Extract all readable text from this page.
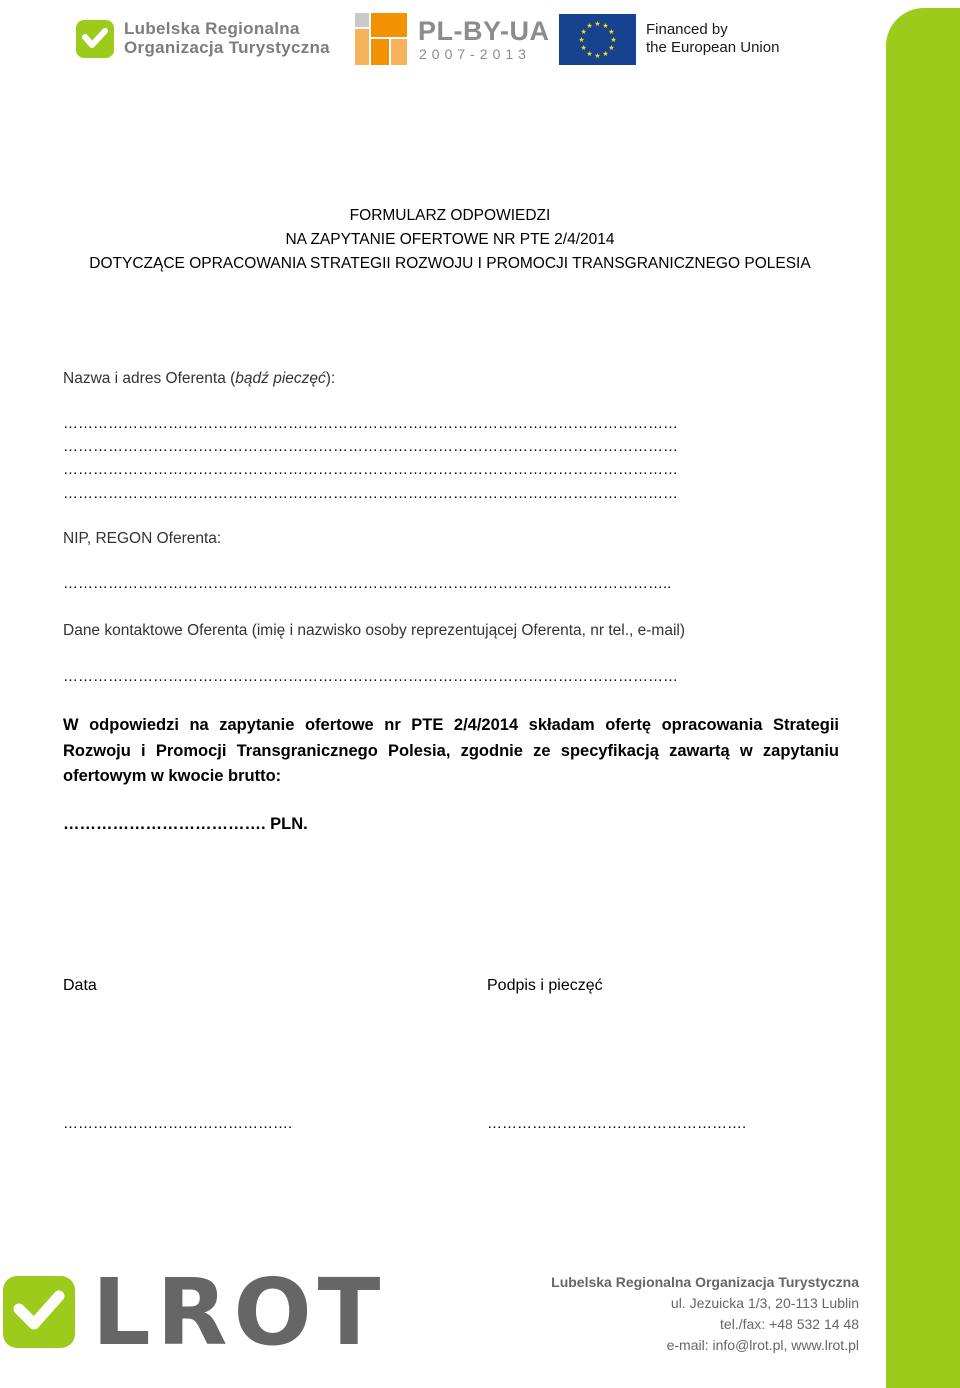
Lubelska Regionalna
Organizacja Turystyczna
PL-BY-UA
2007-2013
★ ★
★
★
★
★
★
★
★
★
★
★	Financed by
the European Union
FORMULARZ ODPOWIEDZI
NA ZAPYTANIE OFERTOWE NR PTE 2/4/2014
DOTYCZĄCE OPRACOWANIA STRATEGII ROZWOJU I PROMOCJI TRANSGRANICZNEGO POLESIA
Nazwa i adres Oferenta (bądź pieczęć):
……………………………………………………………………………………………………………
……………………………………………………………………………………………………………
……………………………………………………………………………………………………………
……………………………………………………………………………………………………………
NIP, REGON Oferenta:
…………………………………………………………………………………………………………..
Dane kontaktowe Oferenta (imię i nazwisko osoby reprezentującej Oferenta, nr tel., e-mail)
……………………………………………………………………………………………………………
W odpowiedzi na zapytanie ofertowe nr PTE 2/4/2014 składam ofertę opracowania Strategii Rozwoju i Promocji Transgranicznego Polesia, zgodnie ze specyfikacją zawartą w zapytaniu ofertowym w kwocie brutto:
………………………………. PLN.
Data	Podpis i pieczęć
……………………………………….	…………………………………………….
LROT	Lubelska Regionalna Organizacja Turystyczna
ul. Jezuicka 1/3, 20-113 Lublin
tel./fax: +48 532 14 48
e-mail: info@lrot.pl, www.lrot.pl
